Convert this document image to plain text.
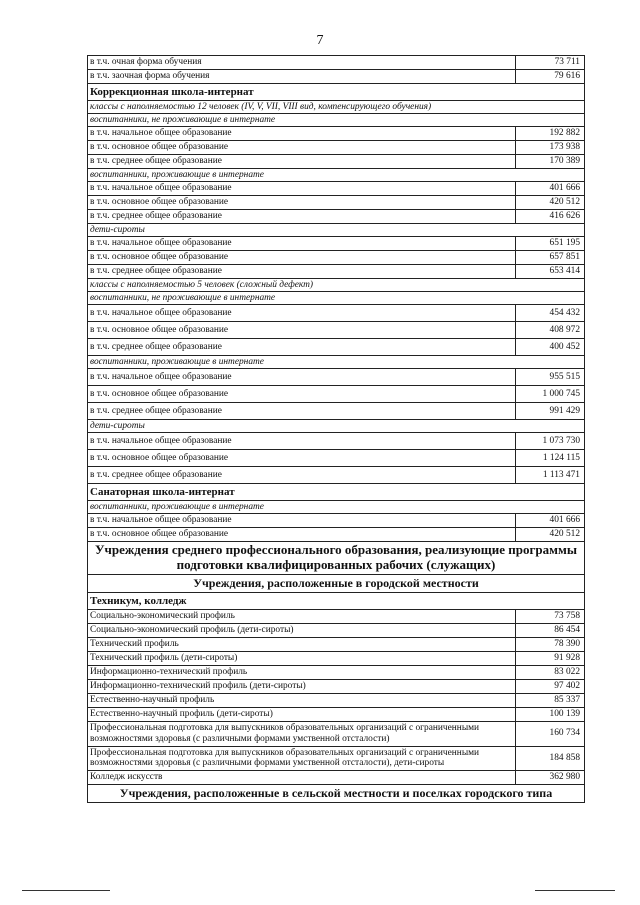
7
в т.ч. очная форма обучения	73 711
в т.ч. заочная форма обучения	79 616
Коррекционная школа-интернат	
классы с наполняемостью 12 человек (IV, V, VII, VIII вид, компенсирующего обучения)	
воспитанники, не проживающие в интернате	
в т.ч. начальное общее образование	192 882
в т.ч. основное общее образование	173 938
в т.ч. среднее общее образование	170 389
воспитанники, проживающие в интернате	
в т.ч. начальное общее образование	401 666
в т.ч. основное общее образование	420 512
в т.ч. среднее общее образование	416 626
дети-сироты	
в т.ч. начальное общее образование	651 195
в т.ч. основное общее образование	657 851
в т.ч. среднее общее образование	653 414
классы с наполняемостью 5 человек (сложный дефект)	
воспитанники, не проживающие в интернате	
в т.ч. начальное общее образование	454 432
в т.ч. основное общее образование	408 972
в т.ч. среднее общее образование	400 452
воспитанники, проживающие в интернате	
в т.ч. начальное общее образование	955 515
в т.ч. основное общее образование	1 000 745
в т.ч. среднее общее образование	991 429
дети-сироты	
в т.ч. начальное общее образование	1 073 730
в т.ч. основное общее образование	1 124 115
в т.ч. среднее общее образование	1 113 471
Санаторная школа-интернат	
воспитанники, проживающие в интернате	
в т.ч. начальное общее образование	401 666
в т.ч. основное общее образование	420 512
Учреждения среднего профессионального образования, реализующие программы подготовки квалифицированных рабочих (служащих)	
Учреждения, расположенные в городской местности	
Техникум, колледж	
Социально-экономический профиль	73 758
Социально-экономический профиль (дети-сироты)	86 454
Технический профиль	78 390
Технический профиль (дети-сироты)	91 928
Информационно-технический профиль	83 022
Информационно-технический профиль (дети-сироты)	97 402
Естественно-научный профиль	85 337
Естественно-научный профиль (дети-сироты)	100 139
Профессиональная подготовка для выпускников образовательных организаций с ограниченными возможностями здоровья (с различными формами умственной отсталости)	160 734
Профессиональная подготовка для выпускников образовательных организаций с ограниченными возможностями здоровья (с различными формами умственной отсталости), дети-сироты	184 858
Колледж искусств	362 980
Учреждения, расположенные в сельской местности и поселках городского типа	
